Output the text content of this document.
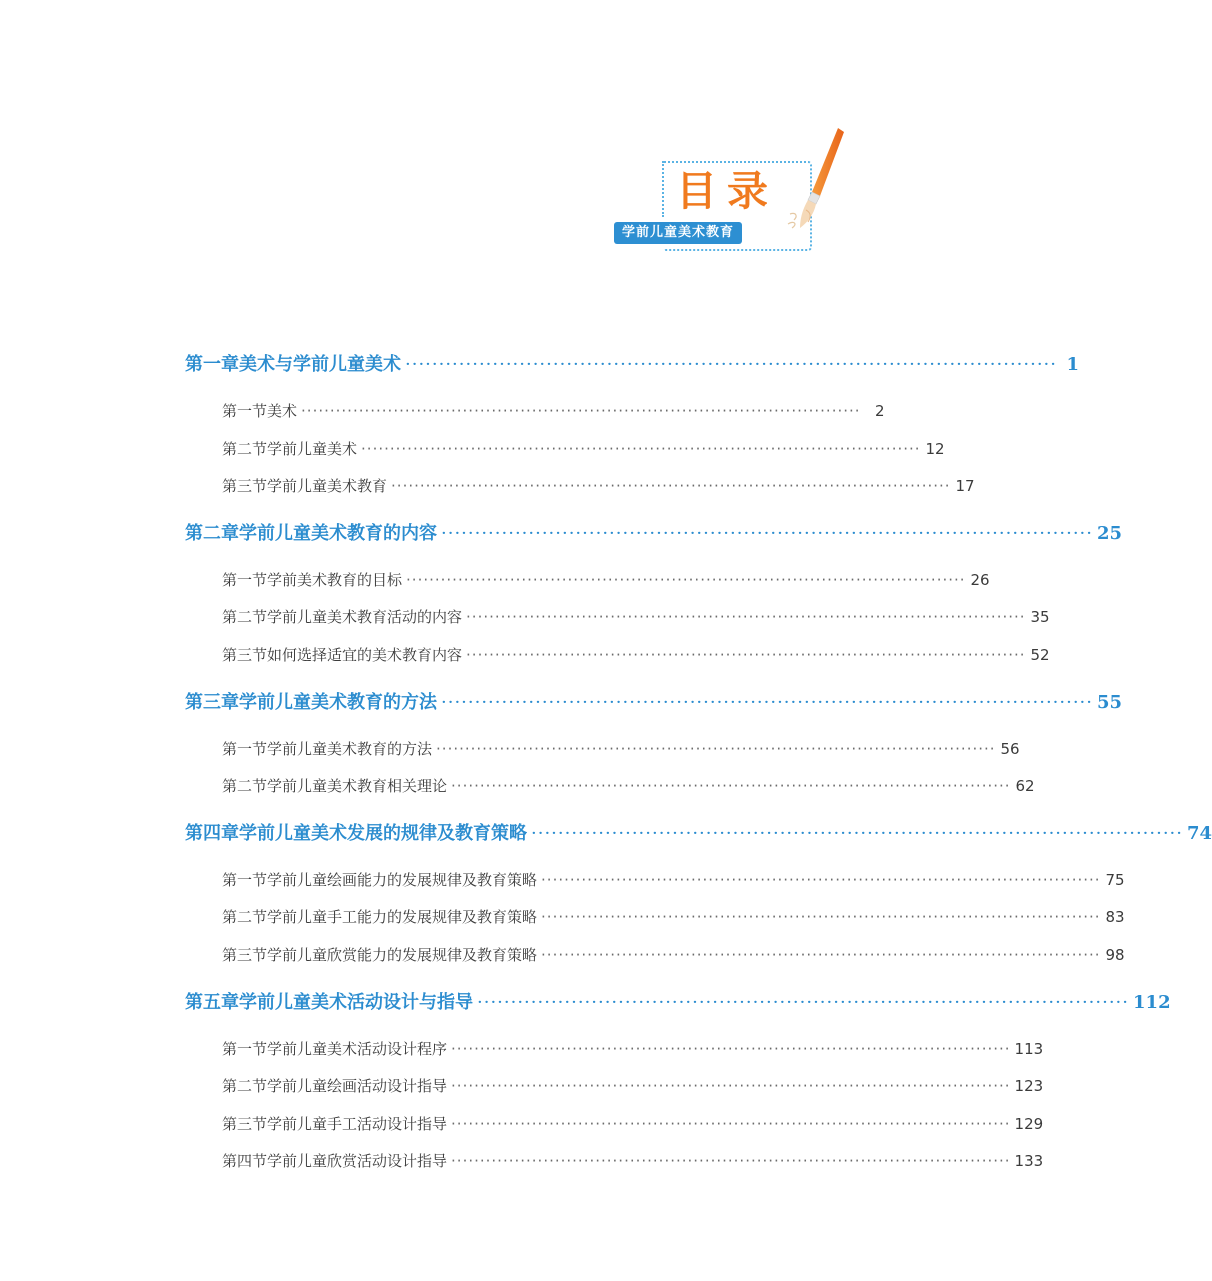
目录
学前儿童美术教育
第一章 美术与学前儿童美术 ································································································· 1
第一节 美术 ································································································· 2
第二节 学前儿童美术 ································································································· 12
第三节 学前儿童美术教育 ································································································· 17
第二章 学前儿童美术教育的内容 ································································································· 25
第一节 学前美术教育的目标 ································································································· 26
第二节 学前儿童美术教育活动的内容 ································································································· 35
第三节 如何选择适宜的美术教育内容 ································································································· 52
第三章 学前儿童美术教育的方法 ································································································· 55
第一节 学前儿童美术教育的方法 ································································································· 56
第二节 学前儿童美术教育相关理论 ································································································· 62
第四章 学前儿童美术发展的规律及教育策略 ································································································· 74
第一节 学前儿童绘画能力的发展规律及教育策略 ································································································· 75
第二节 学前儿童手工能力的发展规律及教育策略 ································································································· 83
第三节 学前儿童欣赏能力的发展规律及教育策略 ································································································· 98
第五章 学前儿童美术活动设计与指导 ································································································· 112
第一节 学前儿童美术活动设计程序 ································································································· 113
第二节 学前儿童绘画活动设计指导 ································································································· 123
第三节 学前儿童手工活动设计指导 ································································································· 129
第四节 学前儿童欣赏活动设计指导 ································································································· 133
